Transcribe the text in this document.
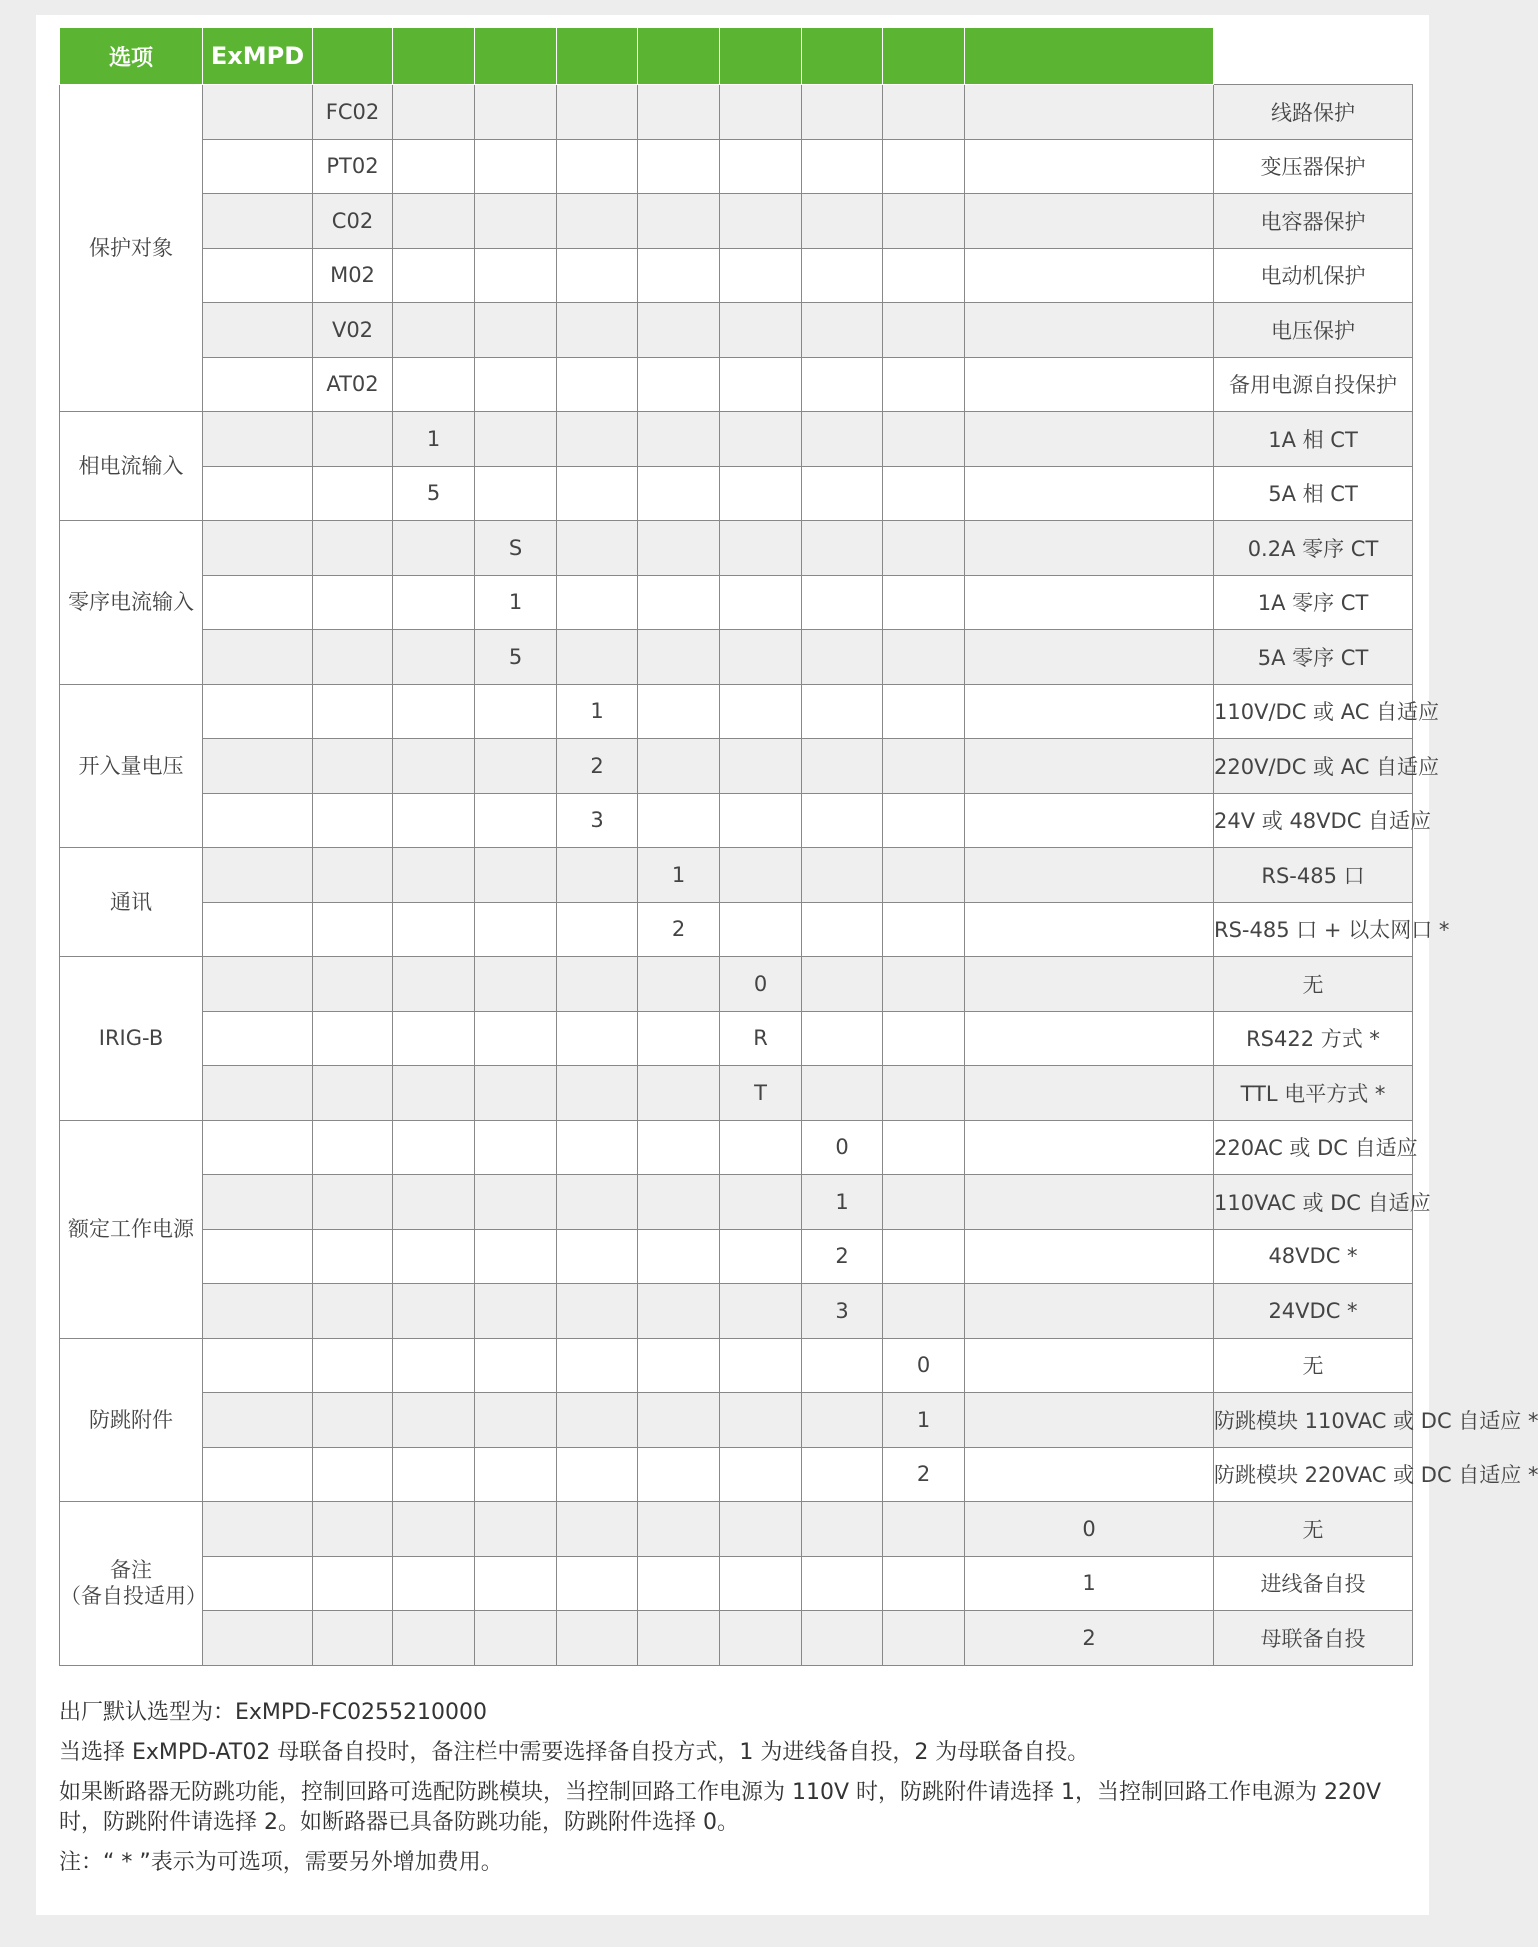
选项	ExMPD										

保护对象		FC02									线路保护
		PT02									变压器保护
		C02									电容器保护
		M02									电动机保护
		V02									电压保护
		AT02									备用电源自投保护

相电流输入			1								1A 相 CT
			5								5A 相 CT

零序电流输入				S							0.2A 零序 CT
				1							1A 零序 CT
				5							5A 零序 CT

开入量电压					1						110V/DC 或 AC 自适应
					2						220V/DC 或 AC 自适应
					3						24V 或 48VDC 自适应

通讯						1					RS-485 口
						2					RS-485 口 + 以太网口 *

IRIG-B							0				无
							R				RS422 方式 *
							T				TTL 电平方式 *

额定工作电源								0			220AC 或 DC 自适应
								1			110VAC 或 DC 自适应
								2			48VDC *
								3			24VDC *

防跳附件									0		无
									1		防跳模块 110VAC 或 DC 自适应 *
									2		防跳模块 220VAC 或 DC 自适应 *

备注
（备自投适用）										0	无
										1	进线备自投
										2	母联备自投

出厂默认选型为：ExMPD-FC0255210000

当选择 ExMPD-AT02 母联备自投时，备注栏中需要选择备自投方式，1 为进线备自投，2 为母联备自投。

如果断路器无防跳功能，控制回路可选配防跳模块，当控制回路工作电源为 110V 时，防跳附件请选择 1，当控制回路工作电源为 220V 时，防跳附件请选择 2。如断路器已具备防跳功能，防跳附件选择 0。

注：“ * ”表示为可选项，需要另外增加费用。
